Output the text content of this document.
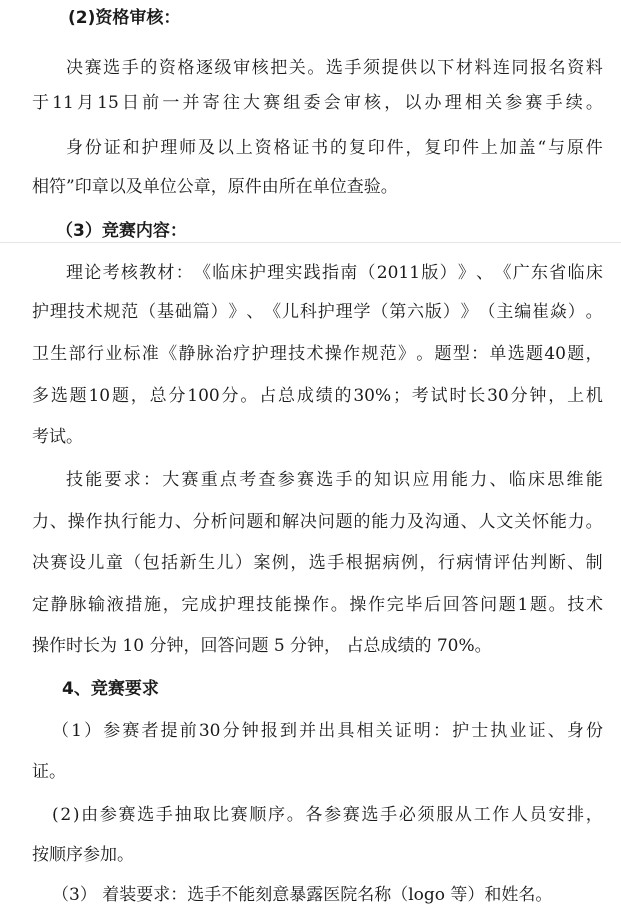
(2)资格审核：
决 赛 选 手 的 资 格 逐 级 审 核 把 关 。 选 手 须 提 供 以 下 材 料 连 同 报 名 资 料
于 11 月 15 日 前 一 并 寄 往 大 赛 组 委 会 审 核 ， 以 办 理 相 关 参 赛 手 续 。
身 份 证 和 护 理 师 及 以 上 资 格 证 书 的 复 印 件 ， 复 印 件 上 加 盖 “ 与 原 件
相符”印章以及单位公章，原件由所在单位查验。
（3）竞赛内容：
理 论 考 核 教 材 ： 《 临 床 护 理 实 践 指 南 （ 2011 版 ） 》 、 《 广 东 省 临 床
护 理 技 术 规 范 （ 基 础 篇 ） 》 、 《 儿 科 护 理 学 （ 第 六 版 ） 》 （ 主 编 崔 焱 ） 。
卫 生 部 行 业 标 准 《 静 脉 治 疗 护 理 技 术 操 作 规 范 》 。 题 型 ： 单 选 题 40 题 ，
多 选 题 10 题 ， 总 分 100 分 。 占 总 成 绩 的 30% ； 考 试 时 长 30 分 钟 ， 上 机
考试。
技 能 要 求 ： 大 赛 重 点 考 查 参 赛 选 手 的 知 识 应 用 能 力 、 临 床 思 维 能
力 、 操 作 执 行 能 力 、 分 析 问 题 和 解 决 问 题 的 能 力 及 沟 通 、 人 文 关 怀 能 力 。
决 赛 设 儿 童 （ 包 括 新 生 儿 ） 案 例 ， 选 手 根 据 病 例 ， 行 病 情 评 估 判 断 、 制
定 静 脉 输 液 措 施 ， 完 成 护 理 技 能 操 作 。 操 作 完 毕 后 回 答 问 题 1 题 。 技 术
操作时长为 10 分钟，回答问题 5 分钟， 占总成绩的 70%。
4、竞赛要求
（ 1 ） 参 赛 者 提 前 30 分 钟 报 到 并 出 具 相 关 证 明 ： 护 士 执 业 证 、 身 份
证。
( 2 ) 由 参 赛 选 手 抽 取 比 赛 顺 序 。 各 参 赛 选 手 必 须 服 从 工 作 人 员 安 排 ，
按顺序参加。
（3） 着装要求：选手不能刻意暴露医院名称（logo 等）和姓名。
